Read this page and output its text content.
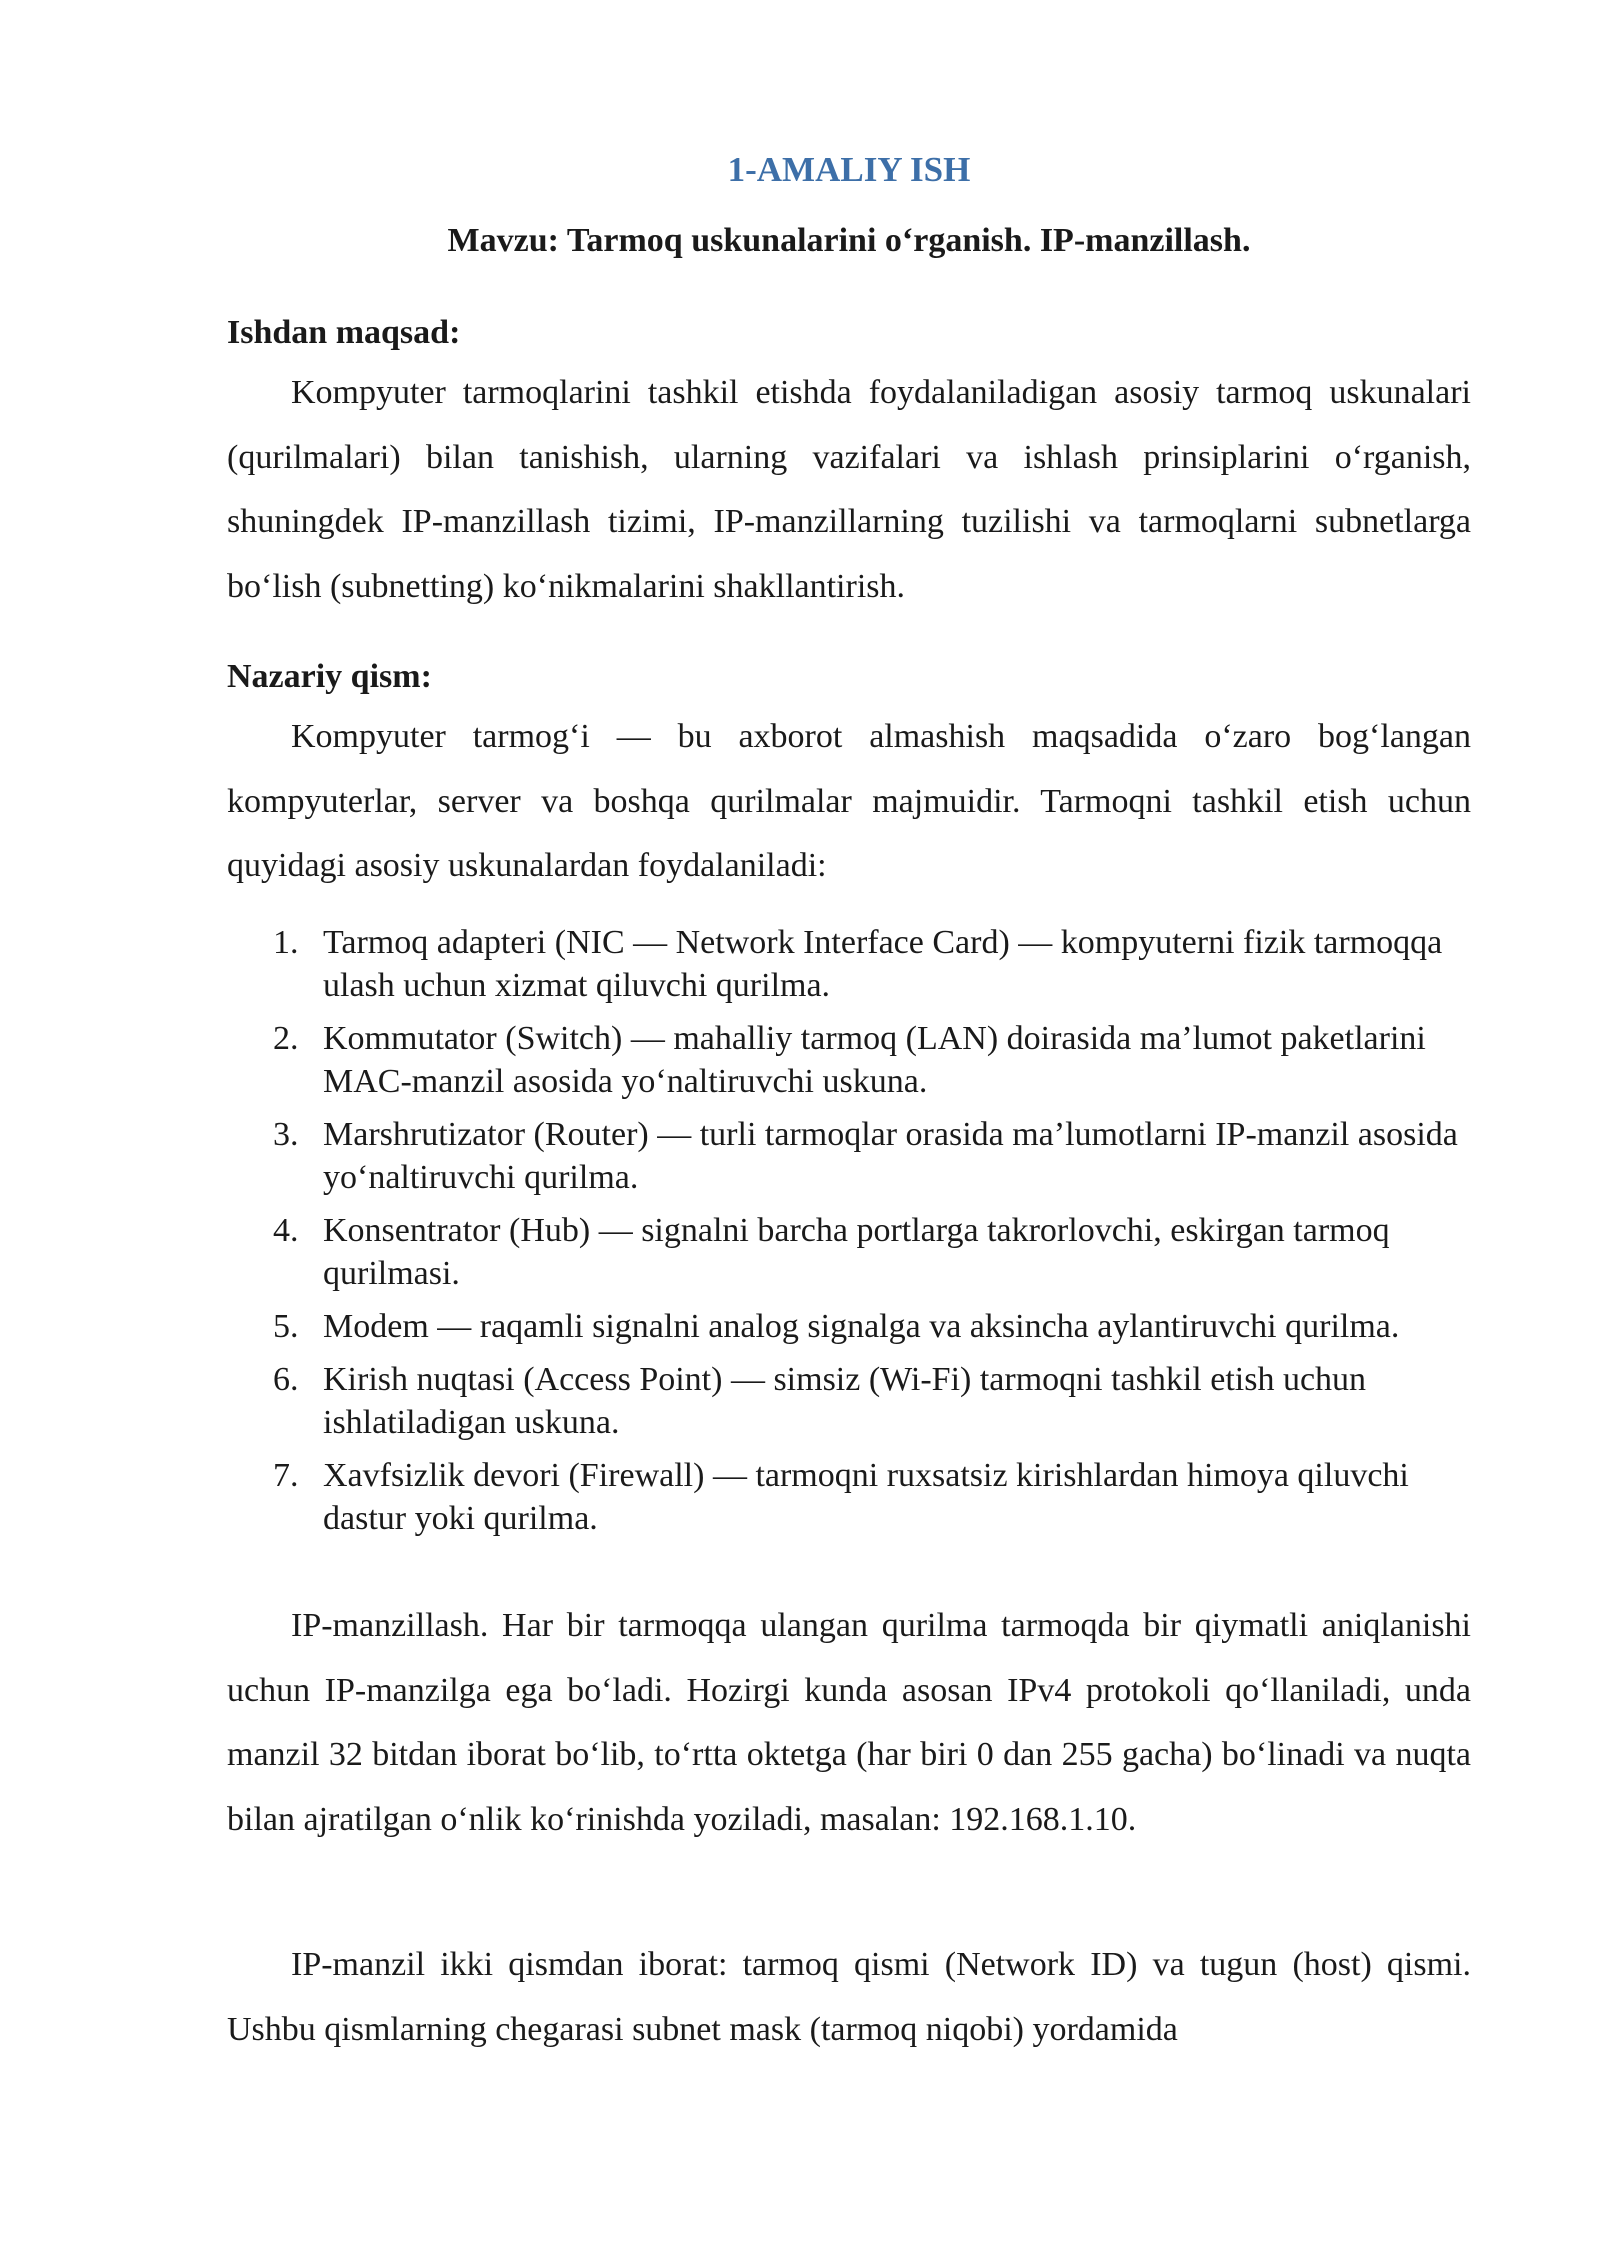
1-AMALIY ISH
Mavzu: Tarmoq uskunalarini o‘rganish. IP-manzillash.
Ishdan maqsad:

Kompyuter tarmoqlarini tashkil etishda foydalaniladigan asosiy tarmoq uskunalari (qurilmalari) bilan tanishish, ularning vazifalari va ishlash prinsiplarini o‘rganish, shuningdek IP-manzillash tizimi, IP-manzillarning tuzilishi va tarmoqlarni subnetlarga bo‘lish (subnetting) ko‘nikmalarini shakllantirish.

Nazariy qism:

Kompyuter tarmog‘i — bu axborot almashish maqsadida o‘zaro bog‘langan kompyuterlar, server va boshqa qurilmalar majmuidir. Tarmoqni tashkil etish uchun quyidagi asosiy uskunalardan foydalaniladi:

1. Tarmoq adapteri (NIC — Network Interface Card) — kompyuterni fizik tarmoqqa ulash uchun xizmat qiluvchi qurilma.
2. Kommutator (Switch) — mahalliy tarmoq (LAN) doirasida ma’lumot paketlarini MAC-manzil asosida yo‘naltiruvchi uskuna.
3. Marshrutizator (Router) — turli tarmoqlar orasida ma’lumotlarni IP-manzil asosida yo‘naltiruvchi qurilma.
4. Konsentrator (Hub) — signalni barcha portlarga takrorlovchi, eskirgan tarmoq qurilmasi.
5. Modem — raqamli signalni analog signalga va aksincha aylantiruvchi qurilma.
6. Kirish nuqtasi (Access Point) — simsiz (Wi-Fi) tarmoqni tashkil etish uchun ishlatiladigan uskuna.
7. Xavfsizlik devori (Firewall) — tarmoqni ruxsatsiz kirishlardan himoya qiluvchi dastur yoki qurilma.

IP-manzillash. Har bir tarmoqqa ulangan qurilma tarmoqda bir qiymatli aniqlanishi uchun IP-manzilga ega bo‘ladi. Hozirgi kunda asosan IPv4 protokoli qo‘llaniladi, unda manzil 32 bitdan iborat bo‘lib, to‘rtta oktetga (har biri 0 dan 255 gacha) bo‘linadi va nuqta bilan ajratilgan o‘nlik ko‘rinishda yoziladi, masalan: 192.168.1.10.

IP-manzil ikki qismdan iborat: tarmoq qismi (Network ID) va tugun (host) qismi. Ushbu qismlarning chegarasi subnet mask (tarmoq niqobi) yordamida
